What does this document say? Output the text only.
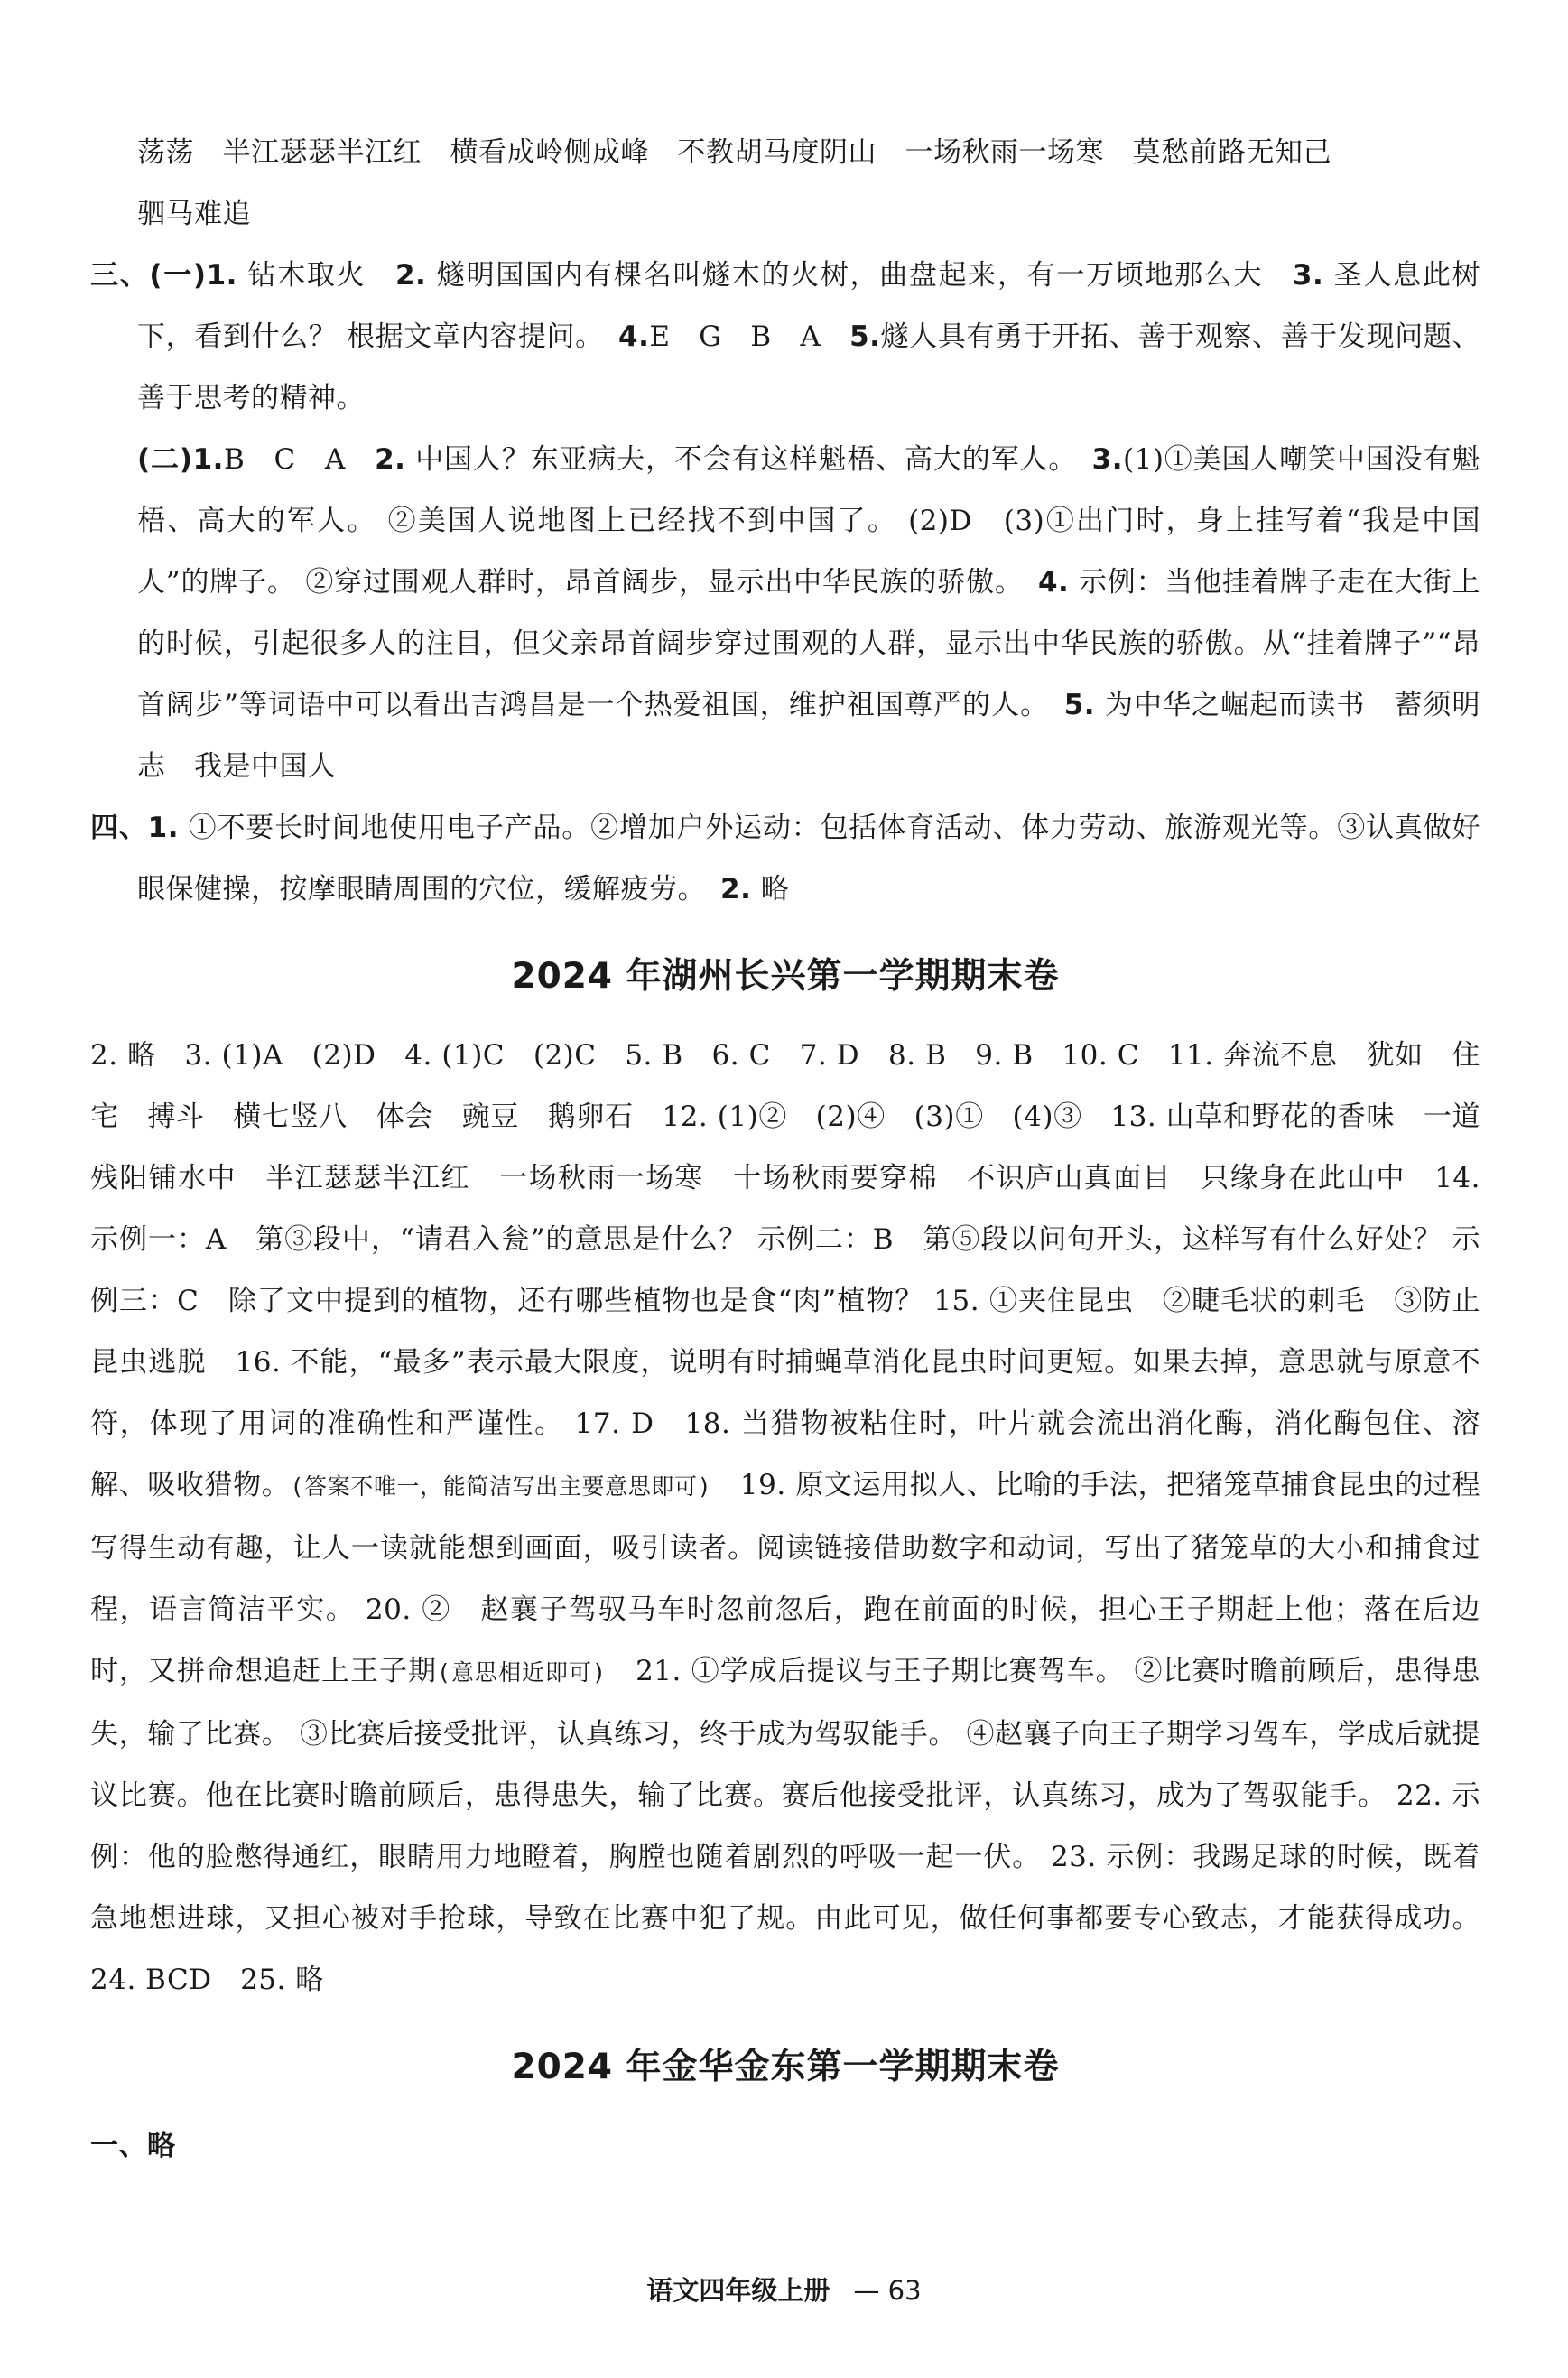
荡荡　半江瑟瑟半江红　横看成岭侧成峰　不教胡马度阴山　一场秋雨一场寒　莫愁前路无知己

驷马难追

三、(一)1. 钻木取火　 2. 燧明国国内有棵名叫燧木的火树，曲盘起来，有一万顷地那么大　 3. 圣人息此树下，看到什么？ 根据文章内容提问。　 4.E　G　B　A　 5.燧人具有勇于开拓、善于观察、善于发现问题、善于思考的精神。

(二)1.B　C　A　 2. 中国人？东亚病夫，不会有这样魁梧、高大的军人。　 3.(1)①美国人嘲笑中国没有魁梧、高大的军人。 ②美国人说地图上已经找不到中国了。 (2)D　(3)①出门时，身上挂写着“我是中国人”的牌子。 ②穿过围观人群时，昂首阔步，显示出中华民族的骄傲。　 4. 示例：当他挂着牌子走在大街上的时候，引起很多人的注目，但父亲昂首阔步穿过围观的人群，显示出中华民族的骄傲。从“挂着牌子”“昂首阔步”等词语中可以看出吉鸿昌是一个热爱祖国，维护祖国尊严的人。　 5. 为中华之崛起而读书　蓄须明志　我是中国人

四、1. ①不要长时间地使用电子产品。②增加户外运动：包括体育活动、体力劳动、旅游观光等。③认真做好眼保健操，按摩眼睛周围的穴位，缓解疲劳。　 2. 略

2024 年湖州长兴第一学期期末卷

2. 略　3. (1)A　(2)D　4. (1)C　(2)C　5. B　6. C　7. D　8. B　9. B　10. C　11. 奔流不息　犹如　住宅　搏斗　横七竖八　体会　豌豆　鹅卵石　12. (1)②　(2)④　(3)①　(4)③　13. 山草和野花的香味　一道残阳铺水中　半江瑟瑟半江红　一场秋雨一场寒　十场秋雨要穿棉　不识庐山真面目　只缘身在此山中　14. 示例一：A　第③段中，“请君入瓮”的意思是什么？ 示例二：B　第⑤段以问句开头，这样写有什么好处？ 示例三：C　除了文中提到的植物，还有哪些植物也是食“肉”植物？ 15. ①夹住昆虫　②睫毛状的刺毛　③防止昆虫逃脱　16. 不能，“最多”表示最大限度，说明有时捕蝇草消化昆虫时间更短。如果去掉，意思就与原意不符，体现了用词的准确性和严谨性。 17. D　18. 当猎物被粘住时，叶片就会流出消化酶，消化酶包住、溶解、吸收猎物。(答案不唯一，能简洁写出主要意思即可)　 19. 原文运用拟人、比喻的手法，把猪笼草捕食昆虫的过程写得生动有趣，让人一读就能想到画面，吸引读者。阅读链接借助数字和动词，写出了猪笼草的大小和捕食过程，语言简洁平实。 20. ②　赵襄子驾驭马车时忽前忽后，跑在前面的时候，担心王子期赶上他；落在后边时，又拼命想追赶上王子期(意思相近即可)　 21. ①学成后提议与王子期比赛驾车。 ②比赛时瞻前顾后，患得患失，输了比赛。 ③比赛后接受批评，认真练习，终于成为驾驭能手。 ④赵襄子向王子期学习驾车，学成后就提议比赛。他在比赛时瞻前顾后，患得患失，输了比赛。赛后他接受批评，认真练习，成为了驾驭能手。 22. 示例：他的脸憋得通红，眼睛用力地瞪着，胸膛也随着剧烈的呼吸一起一伏。 23. 示例：我踢足球的时候，既着急地想进球，又担心被对手抢球，导致在比赛中犯了规。由此可见，做任何事都要专心致志，才能获得成功。 24. BCD　25. 略

2024 年金华金东第一学期期末卷

一、略

语文四年级上册 — 63
